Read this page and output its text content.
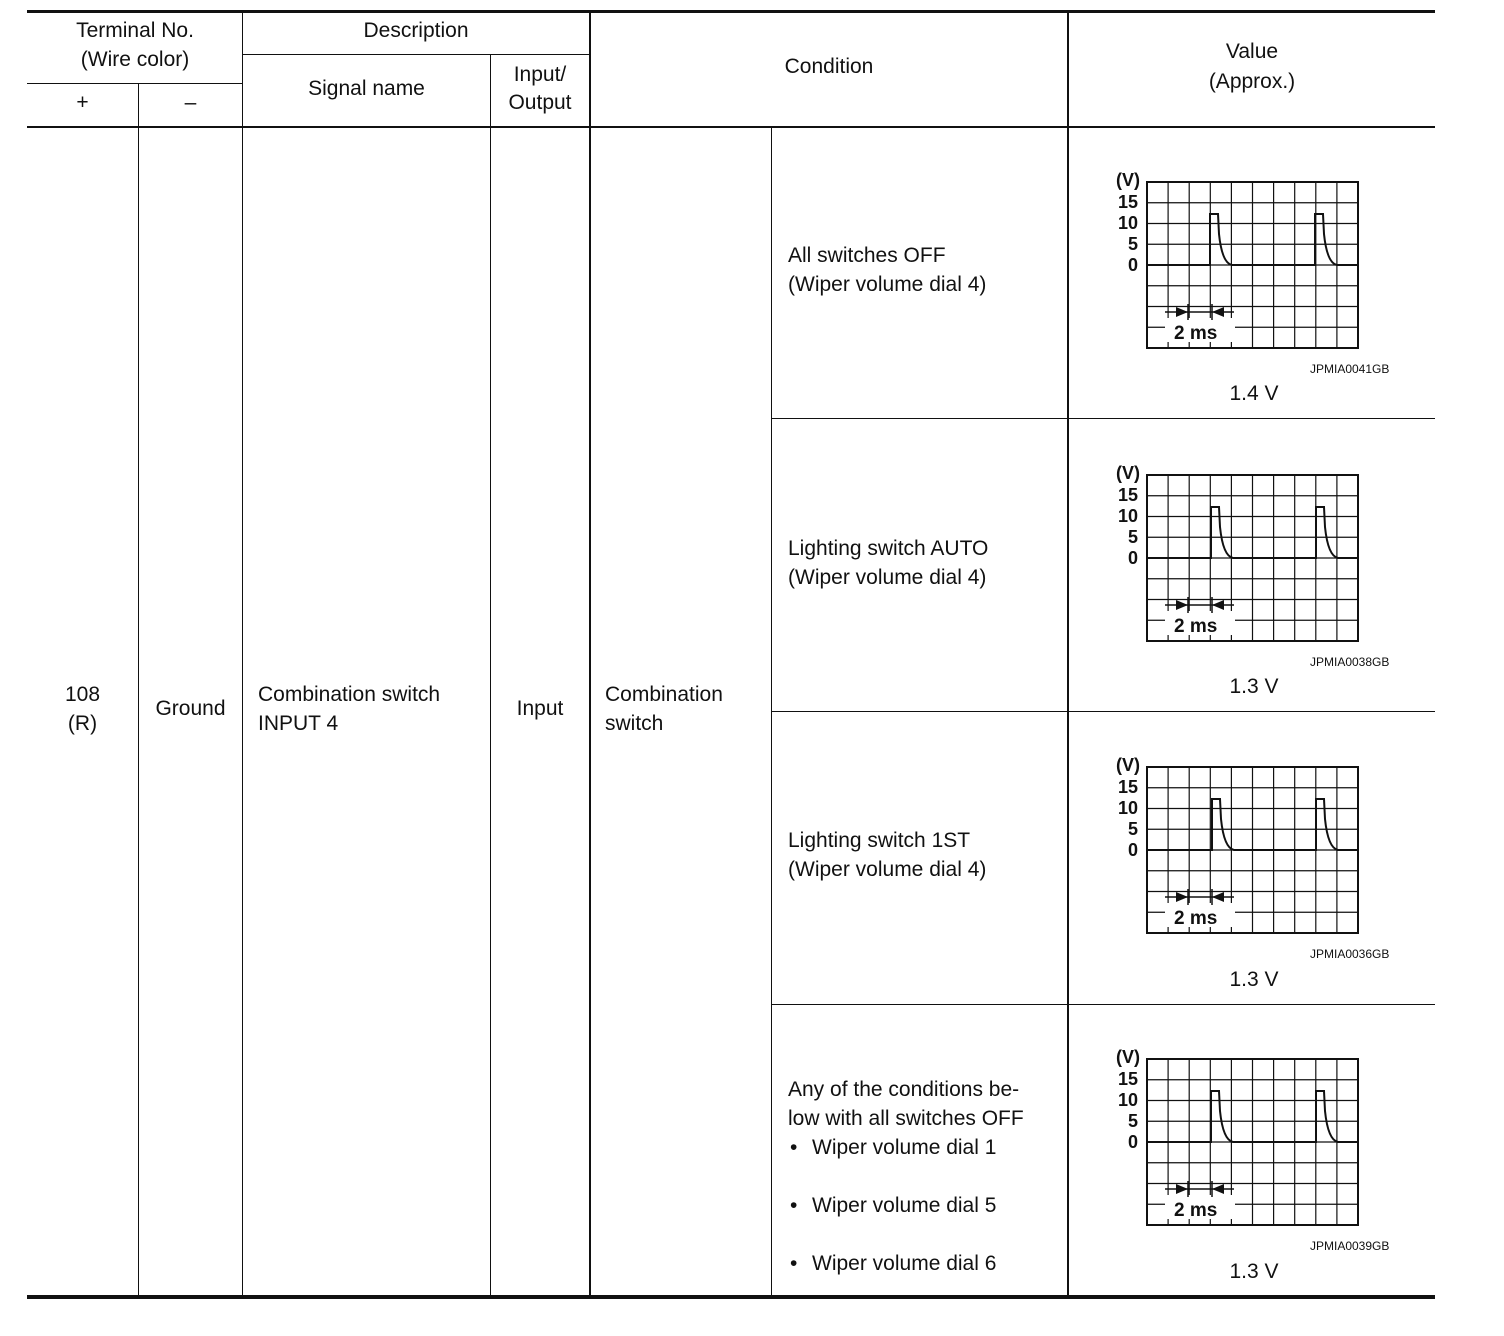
Terminal No.
(Wire color)
+	–
Description
Signal name
Input/
Output
Condition
Value
(Approx.)
108
(R)
Ground
Combination switch
INPUT 4
Input
Combination
switch
All switches OFF
(Wiper volume dial 4)
Lighting switch AUTO
(Wiper volume dial 4)
Lighting switch 1ST
(Wiper volume dial 4)
Any of the conditions be-
low with all switches OFF
• Wiper volume dial 1
• Wiper volume dial 5
• Wiper volume dial 6
(V)
15
10
5
0
2 ms
JPMIA0041GB
1.4 V
(V)
15
10
5
0
2 ms
JPMIA0038GB
1.3 V
(V)
15
10
5
0
2 ms
JPMIA0036GB
1.3 V
(V)
15
10
5
0
2 ms
JPMIA0039GB
1.3 V
